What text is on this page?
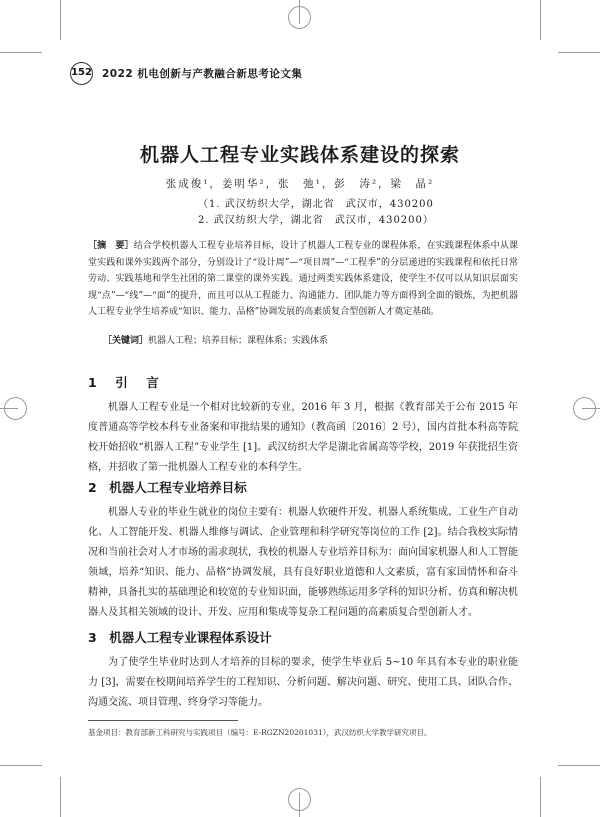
152 2022 机电创新与产教融合新思考论文集
机器人工程专业实践体系建设的探索
张成俊¹，姜明华²，张　弛¹，彭　涛²，梁　晶²
（1. 武汉纺织大学，湖北省　武汉市，430200
2. 武汉纺织大学，湖北省　武汉市，430200）
［摘　要］结合学校机器人工程专业培养目标，设计了机器人工程专业的课程体系，在实践课程体系中从课堂实践和课外实践两个部分，分别设计了“设计周”—“项目周”—“工程季”的分层递进的实践课程和依托日常劳动、实践基地和学生社团的第二课堂的课外实践。通过两类实践体系建设，使学生不仅可以从知识层面实现“点”—“线”—“面”的提升，而且可以从工程能力、沟通能力、团队能力等方面得到全面的锻炼，为把机器人工程专业学生培养成“知识、能力、品格”协调发展的高素质复合型创新人才奠定基础。
［关键词］机器人工程；培养目标；课程体系；实践体系
1　引　言
机器人工程专业是一个相对比较新的专业，2016 年 3 月，根据《教育部关于公布 2015 年度普通高等学校本科专业备案和审批结果的通知》（教高函〔2016〕2 号），国内首批本科高等院校开始招收“机器人工程”专业学生 [1]。武汉纺织大学是湖北省属高等学校，2019 年获批招生资格，并招收了第一批机器人工程专业的本科学生。
2　机器人工程专业培养目标
机器人专业的毕业生就业的岗位主要有：机器人软硬件开发、机器人系统集成、工业生产自动化、人工智能开发、机器人维修与调试、企业管理和科学研究等岗位的工作 [2]。结合我校实际情况和当前社会对人才市场的需求现状，我校的机器人专业培养目标为：面向国家机器人和人工智能领域，培养“知识、能力、品格”协调发展，具有良好职业道德和人文素质，富有家国情怀和奋斗精神，具备扎实的基础理论和较宽的专业知识面，能够熟练运用多学科的知识分析、仿真和解决机器人及其相关领域的设计、开发、应用和集成等复杂工程问题的高素质复合型创新人才。
3　机器人工程专业课程体系设计
为了使学生毕业时达到人才培养的目标的要求，使学生毕业后 5~10 年具有本专业的职业能力 [3]，需要在校期间培养学生的工程知识、分析问题、解决问题、研究、使用工具、团队合作、沟通交流、项目管理、终身学习等能力。
基金项目：教育部新工科研究与实践项目（编号：E-RGZN20201031），武汉纺织大学教学研究项目。
